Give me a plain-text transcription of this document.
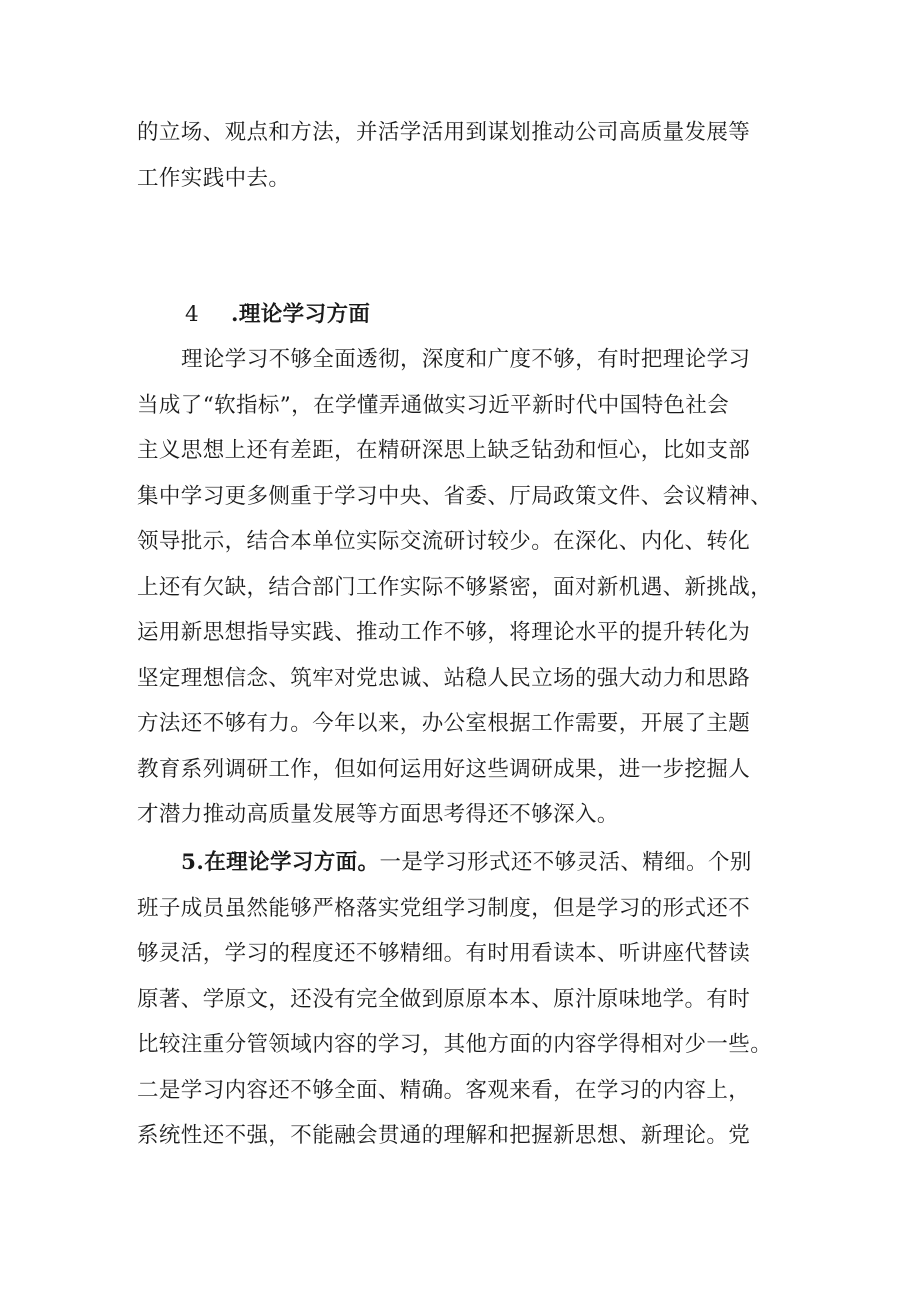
的立场、观点和方法，并活学活用到谋划推动公司高质量发展等
工作实践中去。
4 .理论学习方面
理论学习不够全面透彻，深度和广度不够，有时把理论学习
当成了“软指标”，在学懂弄通做实习近平新时代中国特色社会
主义思想上还有差距，在精研深思上缺乏钻劲和恒心，比如支部
集中学习更多侧重于学习中央、省委、厅局政策文件、会议精神、
领导批示，结合本单位实际交流研讨较少。在深化、内化、转化
上还有欠缺，结合部门工作实际不够紧密，面对新机遇、新挑战，
运用新思想指导实践、推动工作不够，将理论水平的提升转化为
坚定理想信念、筑牢对党忠诚、站稳人民立场的强大动力和思路
方法还不够有力。今年以来，办公室根据工作需要，开展了主题
教育系列调研工作，但如何运用好这些调研成果，进一步挖掘人
才潜力推动高质量发展等方面思考得还不够深入。
5.在理论学习方面。一是学习形式还不够灵活、精细。个别
班子成员虽然能够严格落实党组学习制度，但是学习的形式还不
够灵活，学习的程度还不够精细。有时用看读本、听讲座代替读
原著、学原文，还没有完全做到原原本本、原汁原味地学。有时
比较注重分管领域内容的学习，其他方面的内容学得相对少一些。
二是学习内容还不够全面、精确。客观来看，在学习的内容上，
系统性还不强，不能融会贯通的理解和把握新思想、新理论。党
